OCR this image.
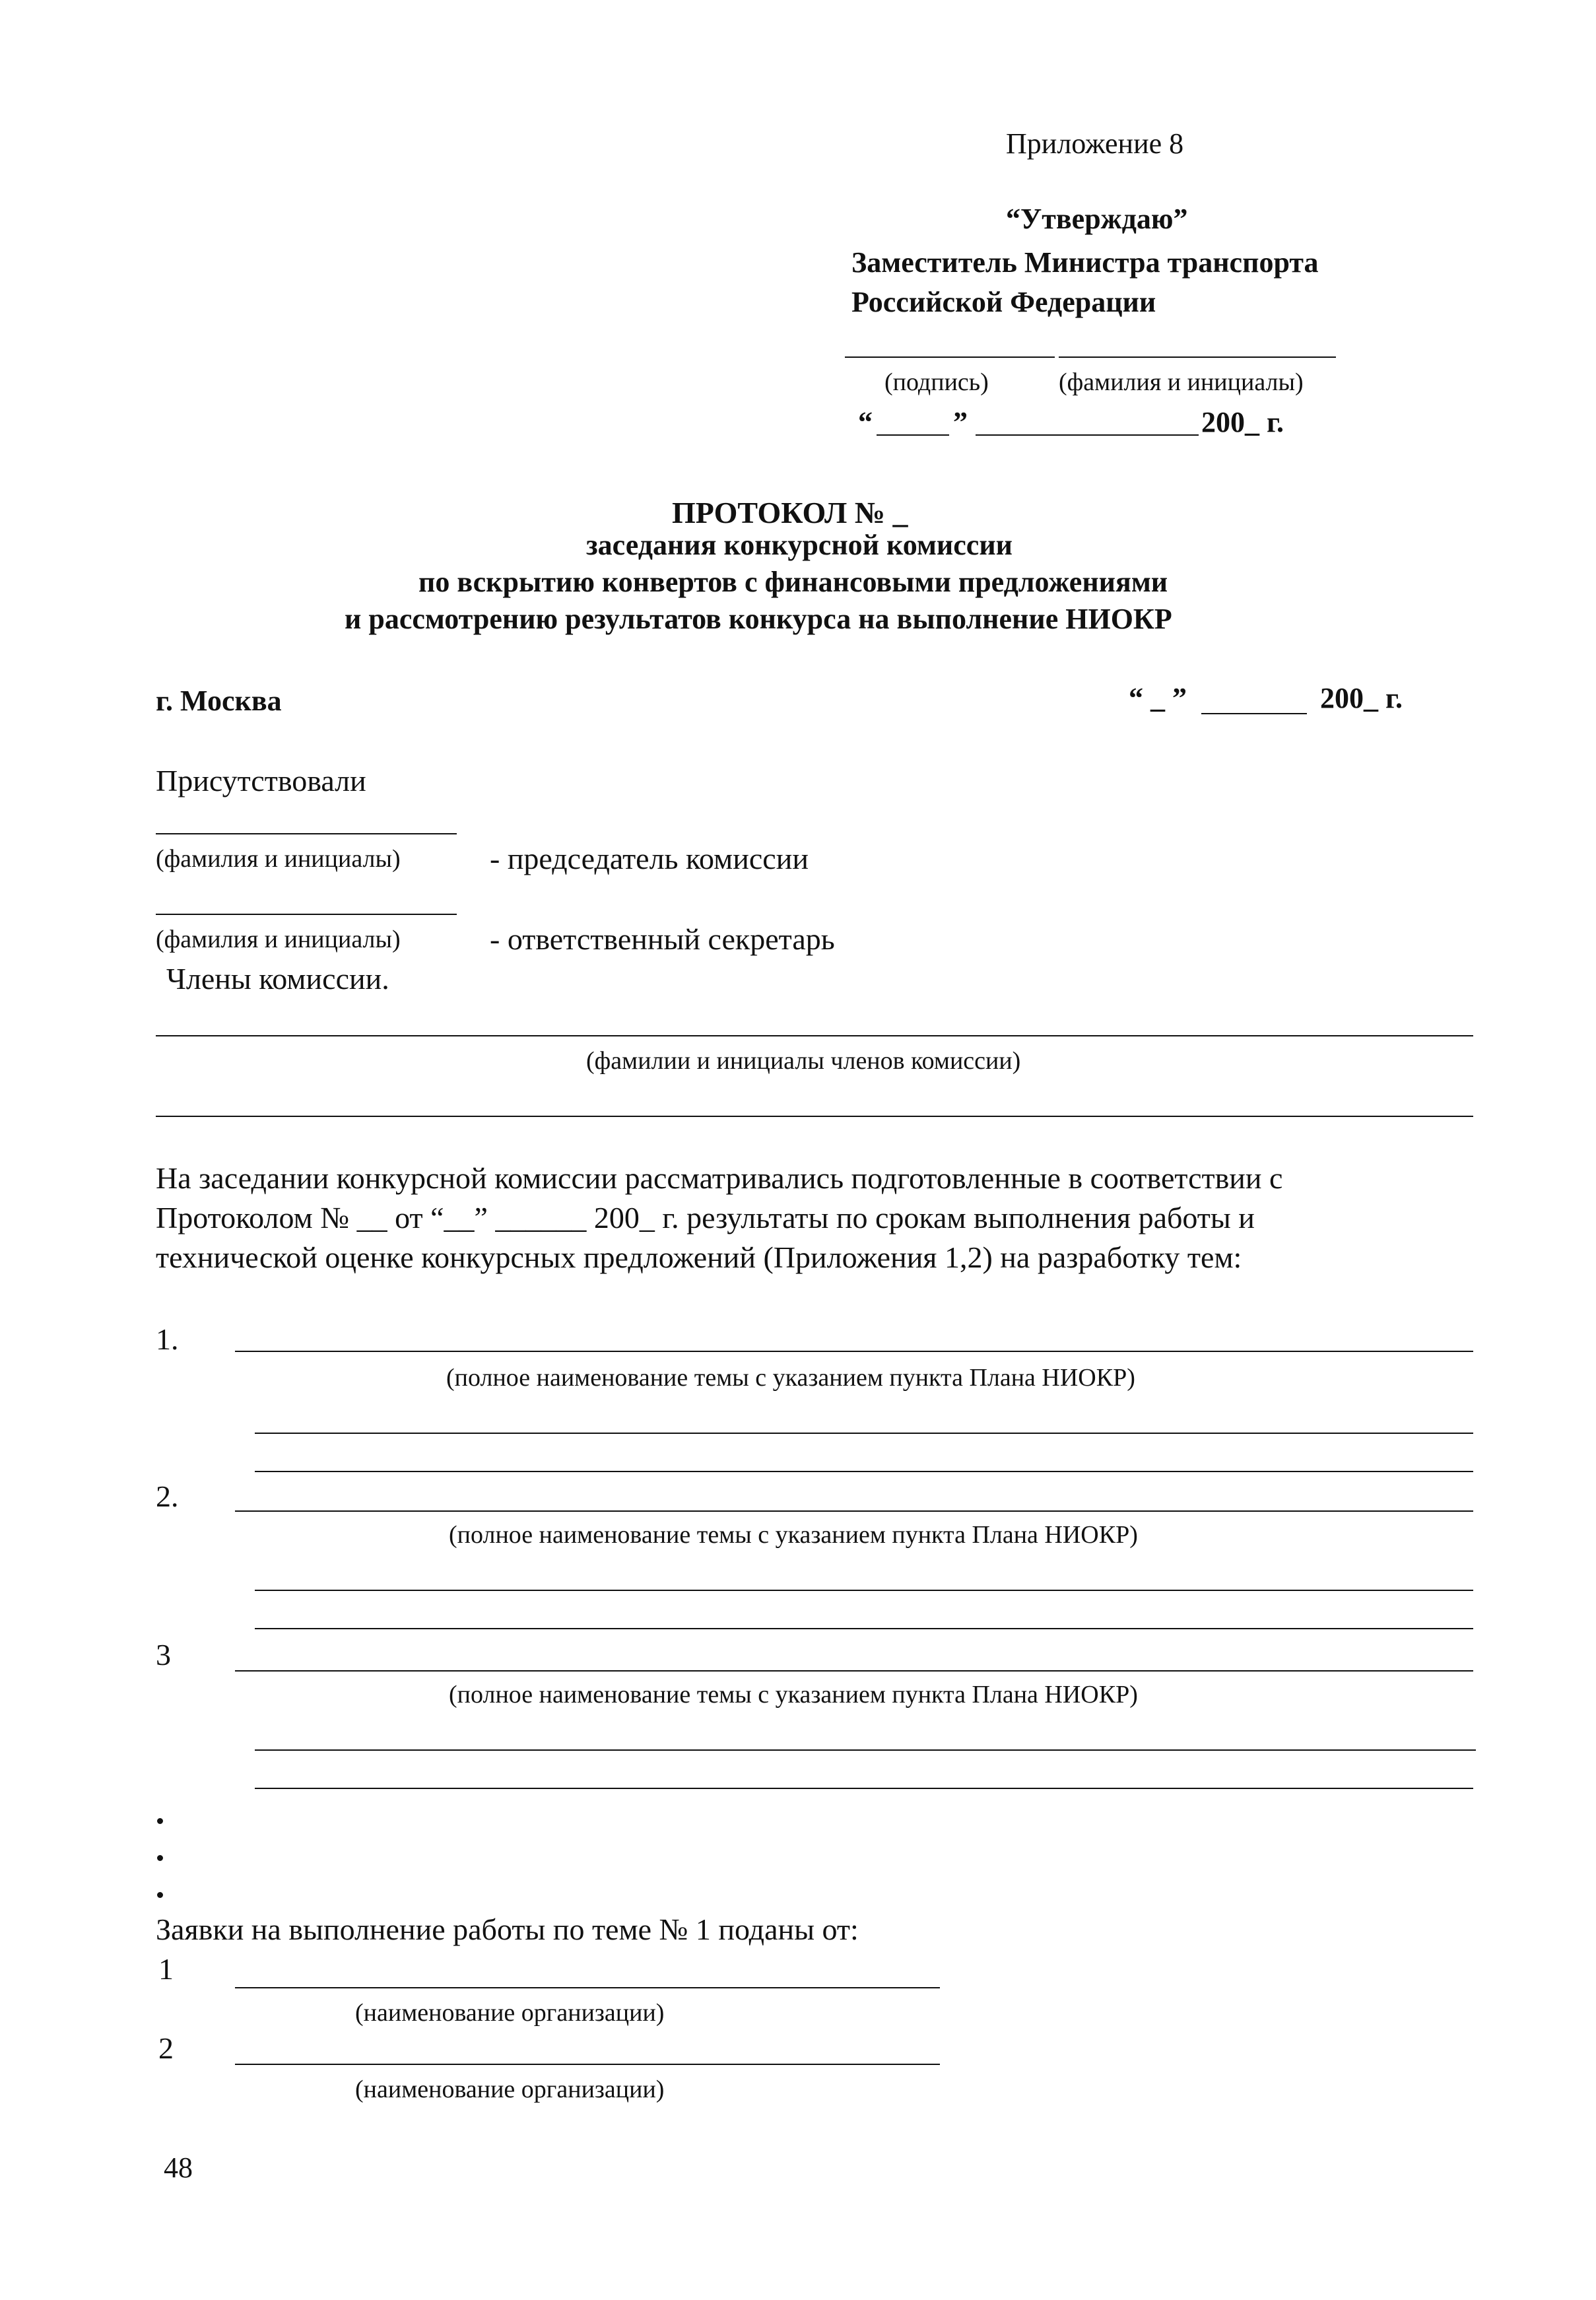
Приложение 8
“Утверждаю”
Заместитель Министра транспорта
Российской Федерации
(подпись)	(фамилия и инициалы)
“	”	200_ г.
ПРОТОКОЛ № _
заседания конкурсной комиссии
по вскрытию конвертов с финансовыми предложениями
и рассмотрению результатов конкурса на выполнение НИОКР
г. Москва	“ _ ”	200_ г.
Присутствовали
(фамилия и инициалы)	- председатель комиссии
(фамилия и инициалы)	- ответственный секретарь
Члены комиссии.
(фамилии и инициалы членов комиссии)
На заседании конкурсной комиссии рассматривались подготовленные в соответствии с
Протоколом № __ от “__” ______ 200_ г. результаты по срокам выполнения работы и
технической оценке конкурсных предложений (Приложения 1,2) на разработку тем:
1.
(полное наименование темы с указанием пункта Плана НИОКР)
2.
(полное наименование темы с указанием пункта Плана НИОКР)
3
(полное наименование темы с указанием пункта Плана НИОКР)
Заявки на выполнение работы по теме № 1 поданы от:
1
(наименование организации)
2
(наименование организации)
48
